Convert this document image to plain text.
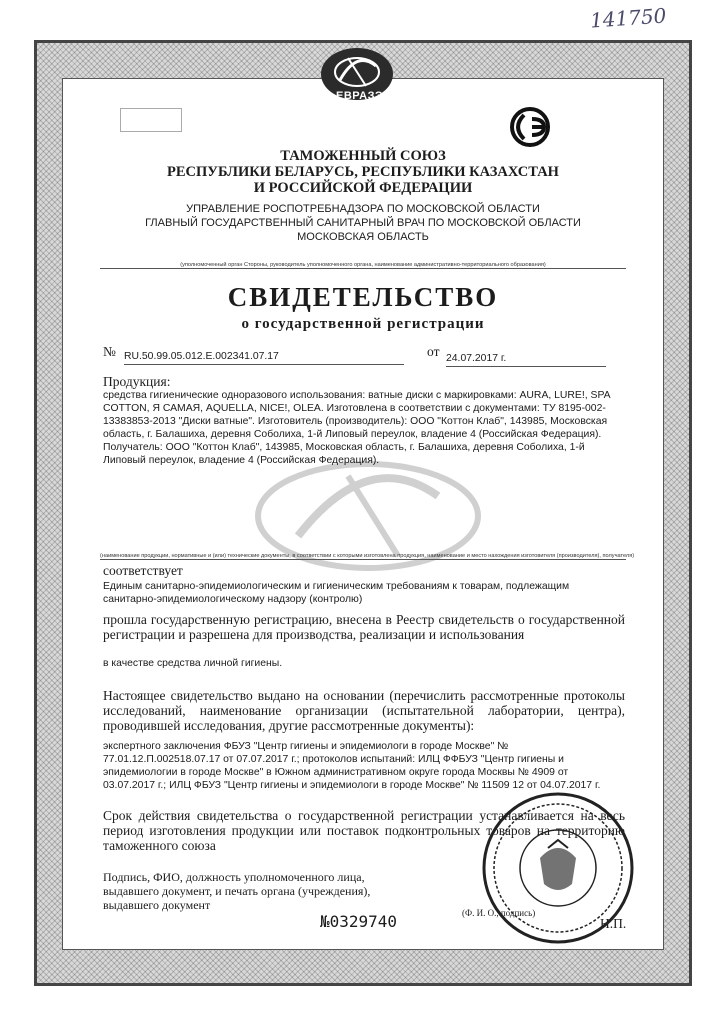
141750
ЕВРАЗЭС
ТАМОЖЕННЫЙ СОЮЗ
РЕСПУБЛИКИ БЕЛАРУСЬ, РЕСПУБЛИКИ КАЗАХСТАН
И РОССИЙСКОЙ ФЕДЕРАЦИИ
УПРАВЛЕНИЕ РОСПОТРЕБНАДЗОРА ПО МОСКОВСКОЙ ОБЛАСТИ
ГЛАВНЫЙ ГОСУДАРСТВЕННЫЙ САНИТАРНЫЙ ВРАЧ ПО МОСКОВСКОЙ ОБЛАСТИ
МОСКОВСКАЯ ОБЛАСТЬ
(уполномоченный орган Стороны, руководитель уполномоченного органа, наименование административно-территориального образования)
СВИДЕТЕЛЬСТВО
о государственной регистрации
№ RU.50.99.05.012.Е.002341.07.17	от 24.07.2017 г.
Продукция:
средства гигиенические одноразового использования: ватные диски с маркировками: AURA, LURE!, SPA
COTTON, Я САМАЯ, AQUELLA, NICE!, OLEA. Изготовлена в соответствии с документами: ТУ 8195-002-
13383853-2013 "Диски ватные". Изготовитель (производитель): ООО "Коттон Клаб", 143985, Московская
область, г. Балашиха, деревня Соболиха, 1-й Липовый переулок, владение 4 (Российская Федерация).
Получатель: ООО "Коттон Клаб", 143985, Московская область, г. Балашиха, деревня Соболиха, 1-й
Липовый переулок, владение 4 (Российская Федерация).
(наименование продукции, нормативные и (или) технические документы, в соответствии с которыми изготовлена продукция, наименование и место нахождения изготовителя (производителя), получателя)
соответствует
Единым санитарно-эпидемиологическим и гигиеническим требованиям к товарам, подлежащим
санитарно-эпидемиологическому надзору (контролю)
прошла государственную регистрацию, внесена в Реестр свидетельств о государственной регистрации и разрешена для производства, реализации и использования
в качестве средства личной гигиены.
Настоящее свидетельство выдано на основании (перечислить рассмотренные протоколы исследований, наименование организации (испытательной лаборатории, центра), проводившей исследования, другие рассмотренные документы):
экспертного заключения ФБУЗ "Центр гигиены и эпидемиологи в городе Москве" №
77.01.12.П.002518.07.17 от 07.07.2017 г.; протоколов испытаний: ИЛЦ ФФБУЗ "Центр гигиены и
эпидемиологии в городе Москве" в Южном административном округе города Москвы № 4909 от
03.07.2017 г.; ИЛЦ ФБУЗ "Центр гигиены и эпидемиологи в городе Москве" № 11509 12 от 04.07.2017 г.
Срок действия свидетельства о государственной регистрации устанавливается на весь период изготовления продукции или поставок подконтрольных товаров на территорию таможенного союза
Подпись, ФИО, должность уполномоченного лица,
выдавшего документ, и печать органа (учреждения),
выдавшего документ
№0329740	(Ф. И. О., подпись)
Н.П.
